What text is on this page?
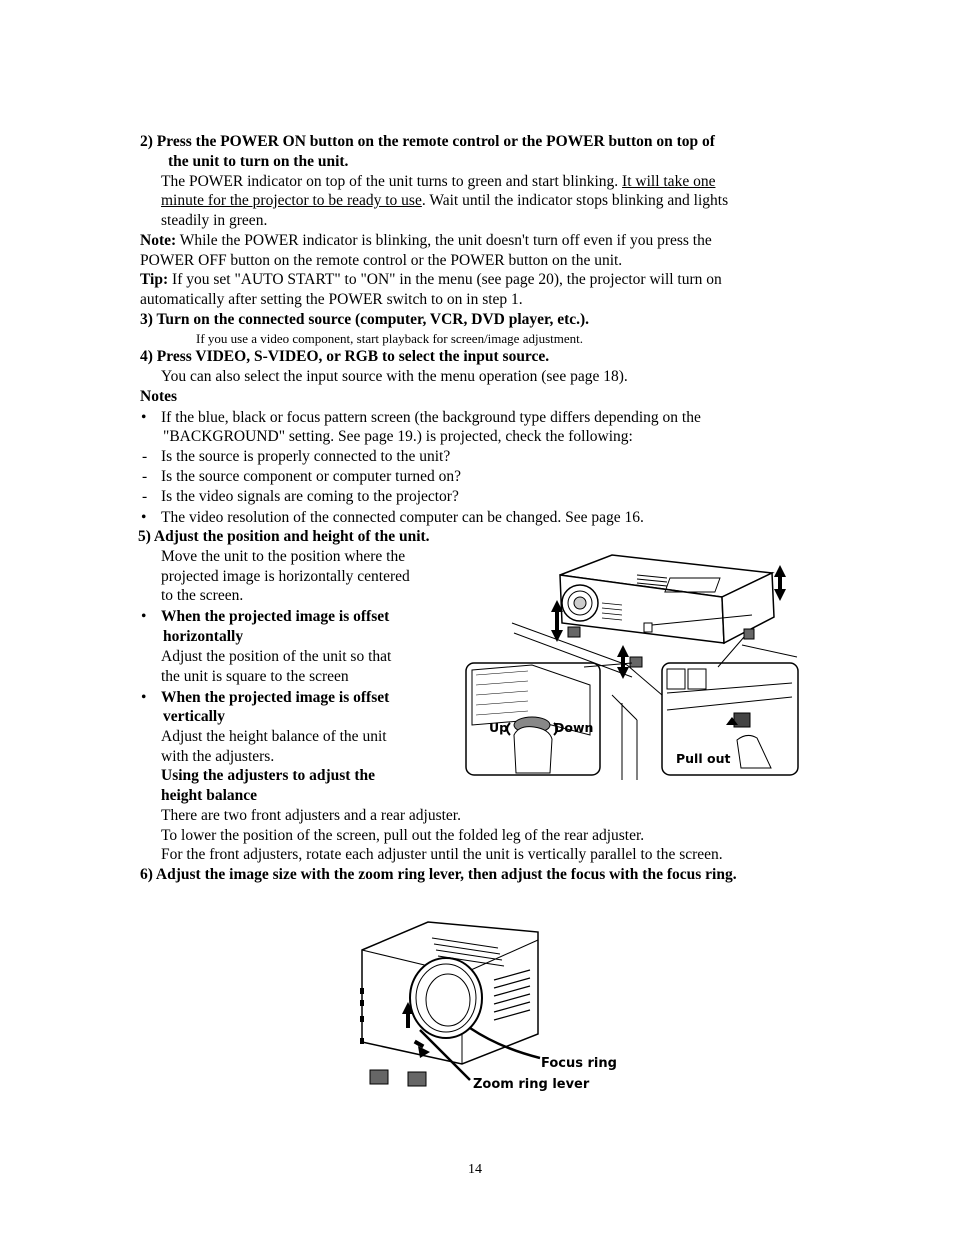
2) Press the POWER ON button on the remote control or the POWER button on top of
the unit to turn on the unit.
The POWER indicator on top of the unit turns to green and start blinking. It will take one
minute for the projector to be ready to use. Wait until the indicator stops blinking and lights
steadily in green.
Note: While the POWER indicator is blinking, the unit doesn't turn off even if you press the
POWER OFF button on the remote control or the POWER button on the unit.
Tip: If you set "AUTO START" to "ON" in the menu (see page 20), the projector will turn on
automatically after setting the POWER switch to on in step 1.
3) Turn on the connected source (computer, VCR, DVD player, etc.).
If you use a video component, start playback for screen/image adjustment.
4) Press VIDEO, S-VIDEO, or RGB to select the input source.
You can also select the input source with the menu operation (see page 18).
Notes
• If the blue, black or focus pattern screen (the background type differs depending on the
"BACKGROUND" setting. See page 19.) is projected, check the following:
- Is the source is properly connected to the unit?
- Is the source component or computer turned on?
- Is the video signals are coming to the projector?
• The video resolution of the connected computer can be changed. See page 16.
5) Adjust the position and height of the unit.
Move the unit to the position where the
projected image is horizontally centered
to the screen.
• When the projected image is offset
horizontally
Adjust the position of the unit so that
the unit is square to the screen
• When the projected image is offset
vertically
Adjust the height balance of the unit
with the adjusters.
Using the adjusters to adjust the
height balance
There are two front adjusters and a rear adjuster.
To lower the position of the screen, pull out the folded leg of the rear adjuster.
For the front adjusters, rotate each adjuster until the unit is vertically parallel to the screen.
Up	Down
Pull out
6) Adjust the image size with the zoom ring lever, then adjust the focus with the focus ring.
Focus ring
Zoom ring lever
14
